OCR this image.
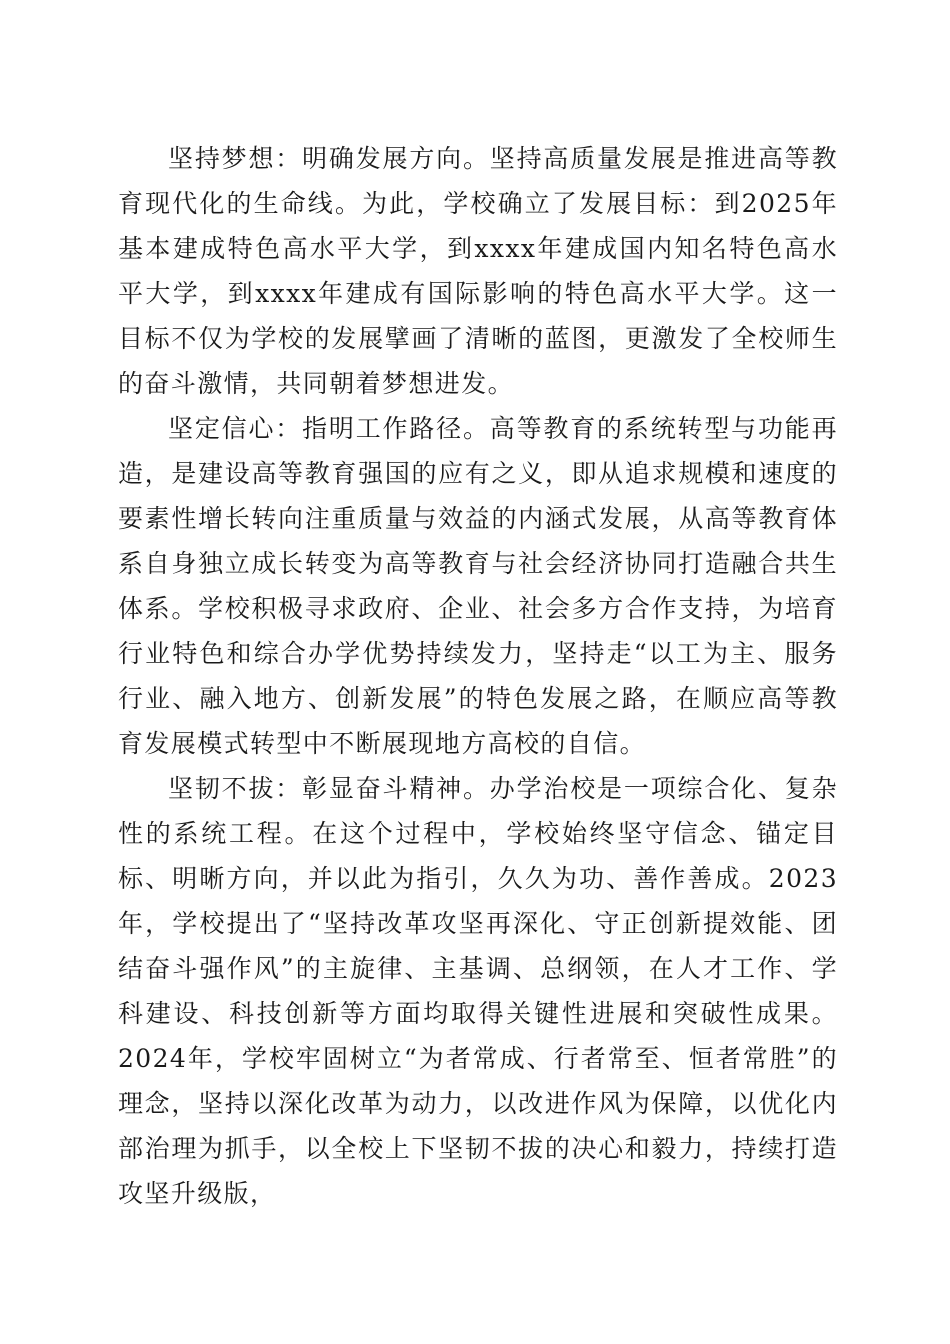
坚持梦想：明确发展方向。坚持高质量发展是推进高等教育现代化的生命线。为此，学校确立了发展目标：到2025年基本建成特色高水平大学，到xxxx年建成国内知名特色高水平大学，到xxxx年建成有国际影响的特色高水平大学。这一目标不仅为学校的发展擘画了清晰的蓝图，更激发了全校师生的奋斗激情，共同朝着梦想进发。

坚定信心：指明工作路径。高等教育的系统转型与功能再造，是建设高等教育强国的应有之义，即从追求规模和速度的要素性增长转向注重质量与效益的内涵式发展，从高等教育体系自身独立成长转变为高等教育与社会经济协同打造融合共生体系。学校积极寻求政府、企业、社会多方合作支持，为培育行业特色和综合办学优势持续发力，坚持走“以工为主、服务行业、融入地方、创新发展”的特色发展之路，在顺应高等教育发展模式转型中不断展现地方高校的自信。

坚韧不拔：彰显奋斗精神。办学治校是一项综合化、复杂性的系统工程。在这个过程中，学校始终坚守信念、锚定目标、明晰方向，并以此为指引，久久为功、善作善成。2023年，学校提出了“坚持改革攻坚再深化、守正创新提效能、团结奋斗强作风”的主旋律、主基调、总纲领，在人才工作、学科建设、科技创新等方面均取得关键性进展和突破性成果。2024年，学校牢固树立“为者常成、行者常至、恒者常胜”的理念，坚持以深化改革为动力，以改进作风为保障，以优化内部治理为抓手，以全校上下坚韧不拔的决心和毅力，持续打造攻坚升级版，
